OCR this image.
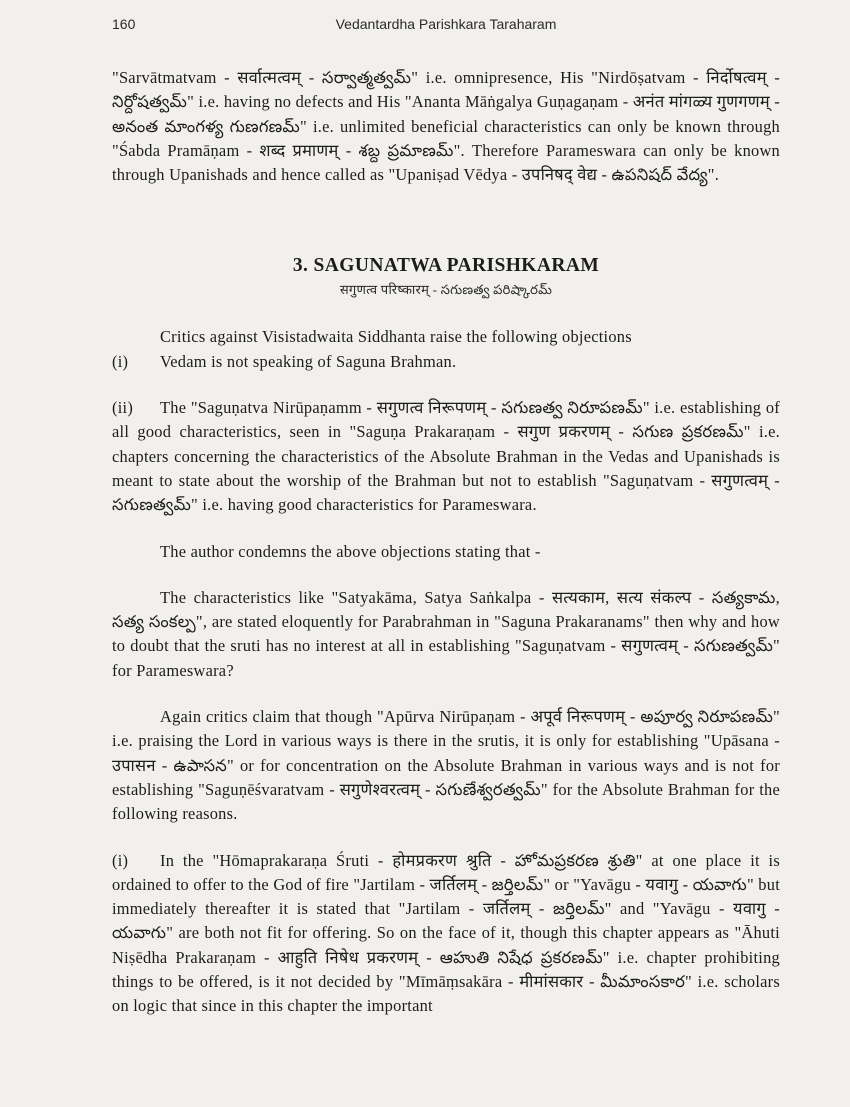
160	Vedantardha Parishkara Taraharam

"Sarvātmatvam - सर्वात्मत्वम् - సర్వాత్మత్వమ్" i.e. omnipresence, His "Nirdōṣatvam - निर्दोषत्वम् - నిర్దోషత్వమ్" i.e. having no defects and His "Ananta Māṅgalya Guṇagaṇam - अनंत मांगळ्य गुणगणम् - అనంత మాంగళ్య గుణగణమ్" i.e. unlimited beneficial characteristics can only be known through "Śabda Pramāṇam - शब्द प्रमाणम् - శబ్ద ప్రమాణమ్". Therefore Parameswara can only be known through Upanishads and hence called as "Upaniṣad Vēdya - उपनिषद् वेद्य - ఉపనిషద్ వేద్య".

3. SAGUNATWA PARISHKARAM
सगुणत्व परिष्कारम् - సగుణత్వ పరిష్కారమ్

Critics against Visistadwaita Siddhanta raise the following objections

(i) Vedam is not speaking of Saguna Brahman.

(ii) The "Saguṇatva Nirūpaṇamm - सगुणत्व निरूपणम् - సగుణత్వ నిరూపణమ్" i.e. establishing of all good characteristics, seen in "Saguṇa Prakaraṇam - सगुण प्रकरणम् - సగుణ ప్రకరణమ్" i.e. chapters concerning the characteristics of the Absolute Brahman in the Vedas and Upanishads is meant to state about the worship of the Brahman but not to establish "Saguṇatvam - सगुणत्वम् - సగుణత్వమ్" i.e. having good characteristics for Parameswara.

The author condemns the above objections stating that -

The characteristics like "Satyakāma, Satya Saṅkalpa - सत्यकाम, सत्य संकल्प - సత్యకామ, సత్య సంకల్ప", are stated eloquently for Parabrahman in "Saguna Prakaranams" then why and how to doubt that the sruti has no interest at all in establishing "Saguṇatvam - सगुणत्वम् - సగుణత్వమ్" for Parameswara?

Again critics claim that though "Apūrva Nirūpaṇam - अपूर्व निरूपणम् - అపూర్వ నిరూపణమ్" i.e. praising the Lord in various ways is there in the srutis, it is only for establishing "Upāsana - उपासन - ఉపాసన" or for concentration on the Absolute Brahman in various ways and is not for establishing "Saguṇēśvaratvam - सगुणेश्वरत्वम् - సగుణేశ్వరత్వమ్" for the Absolute Brahman for the following reasons.

(i) In the "Hōmaprakaraṇa Śruti - होमप्रकरण श्रुति - హోమప్రకరణ శ్రుతి" at one place it is ordained to offer to the God of fire "Jartilam - जर्तिलम् - జర్తిలమ్" or "Yavāgu - यवागु - యవాగు" but immediately thereafter it is stated that "Jartilam - जर्तिलम् - జర్తిలమ్" and "Yavāgu - यवागु - యవాగు" are both not fit for offering. So on the face of it, though this chapter appears as "Āhuti Niṣēdha Prakaraṇam - आहुति निषेध प्रकरणम् - ఆహుతి నిషేధ ప్రకరణమ్" i.e. chapter prohibiting things to be offered, is it not decided by "Mīmāṃsakāra - मीमांसकार - మీమాంసకార" i.e. scholars on logic that since in this chapter the important
